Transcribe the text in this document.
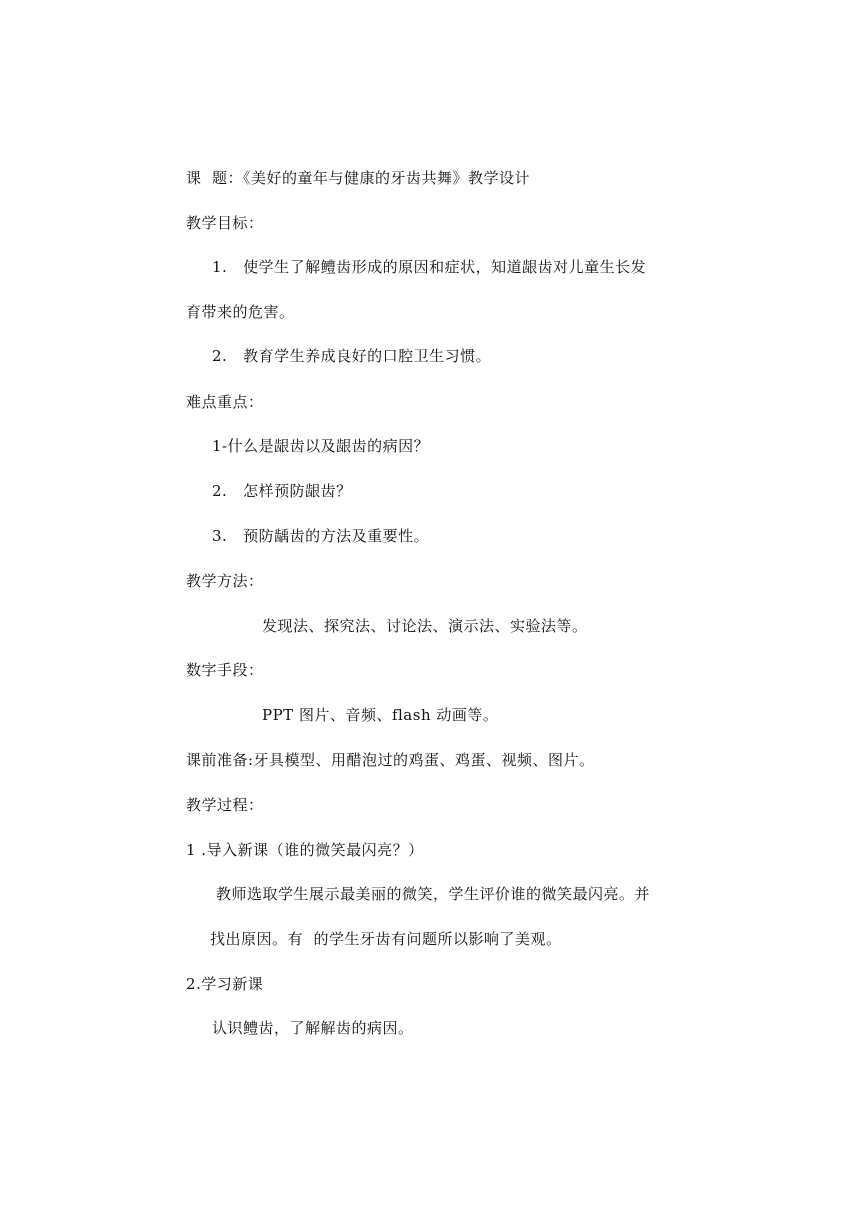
课  题：《美好的童年与健康的牙齿共舞》教学设计
教学目标：
1.   使学生了解鳢齿形成的原因和症状，知道龈齿对儿童生长发
育带来的危害。
2.   教育学生养成良好的口腔卫生习惯。
难点重点：
1-什么是龈齿以及龈齿的病因？
2.   怎样预防龈齿？
3.   预防龋齿的方法及重要性。
教学方法：
发现法、探究法、讨论法、演示法、实验法等。
数字手段：
PPT 图片、音频、flash 动画等。
课前准备:牙具模型、用醋泡过的鸡蛋、鸡蛋、视频、图片。
教学过程：
1 .导入新课（谁的微笑最闪亮？）
教师选取学生展示最美丽的微笑，学生评价谁的微笑最闪亮。并
找出原因。有  的学生牙齿有问题所以影响了美观。
2.学习新课
认识鳢齿，了解解齿的病因。
